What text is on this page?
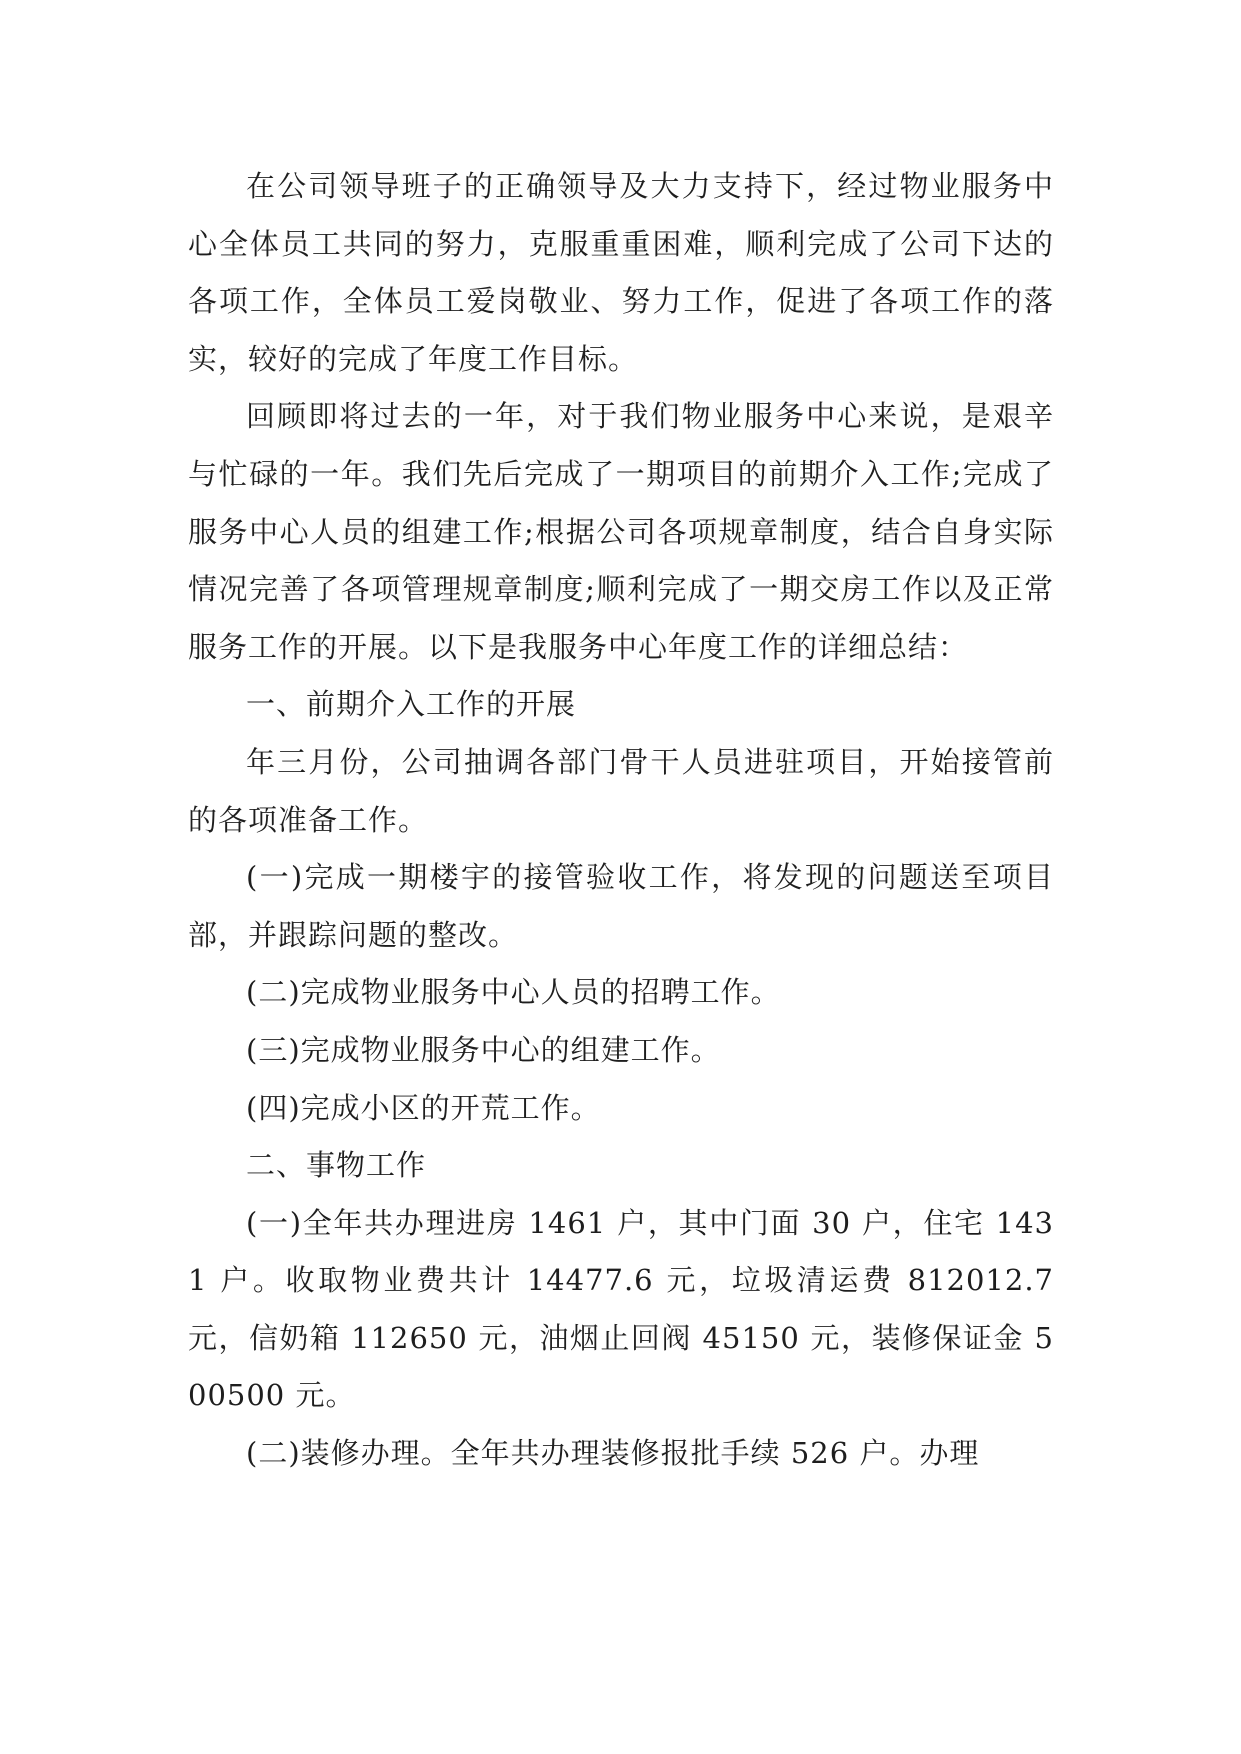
在公司领导班子的正确领导及大力支持下，经过物业服务中心全体员工共同的努力，克服重重困难，顺利完成了公司下达的各项工作，全体员工爱岗敬业、努力工作，促进了各项工作的落实，较好的完成了年度工作目标。

回顾即将过去的一年，对于我们物业服务中心来说，是艰辛与忙碌的一年。我们先后完成了一期项目的前期介入工作;完成了服务中心人员的组建工作;根据公司各项规章制度，结合自身实际情况完善了各项管理规章制度;顺利完成了一期交房工作以及正常服务工作的开展。以下是我服务中心年度工作的详细总结：

一、前期介入工作的开展

年三月份，公司抽调各部门骨干人员进驻项目，开始接管前的各项准备工作。

(一)完成一期楼宇的接管验收工作，将发现的问题送至项目部，并跟踪问题的整改。

(二)完成物业服务中心人员的招聘工作。

(三)完成物业服务中心的组建工作。

(四)完成小区的开荒工作。

二、事物工作

(一)全年共办理进房 1461 户，其中门面 30 户，住宅 1431 户。收取物业费共计 14477.6 元，垃圾清运费 812012.7 元，信奶箱 112650 元，油烟止回阀 45150 元，装修保证金 500500 元。

(二)装修办理。全年共办理装修报批手续 526 户。办理
